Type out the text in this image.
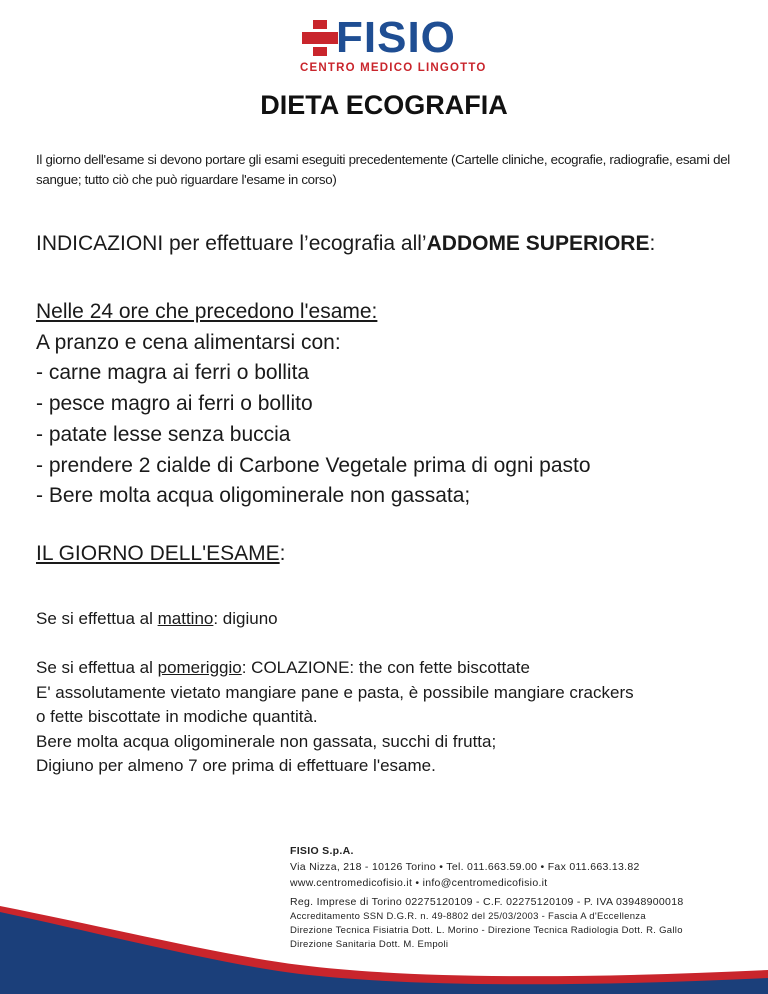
FISIO
CENTRO MEDICO LINGOTTO
DIETA ECOGRAFIA
Il giorno dell'esame si devono portare gli esami eseguiti precedentemente (Cartelle cliniche, ecografie, radiografie, esami del sangue; tutto ciò che può riguardare l'esame in corso)
INDICAZIONI per effettuare l’ecografia all’ADDOME SUPERIORE:
Nelle 24 ore che precedono l'esame:
A pranzo e cena alimentarsi con:
- carne magra ai ferri o bollita
- pesce magro ai ferri o bollito
- patate lesse senza buccia
- prendere 2 cialde di Carbone Vegetale prima di ogni pasto
- Bere molta acqua oligominerale non gassata;
IL GIORNO DELL'ESAME:
Se si effettua al mattino: digiuno
Se si effettua al pomeriggio: COLAZIONE: the con fette biscottate
E' assolutamente vietato mangiare pane e pasta, è possibile mangiare crackers
o fette biscottate in modiche quantità.
Bere molta acqua oligominerale non gassata, succhi di frutta;
Digiuno per almeno 7 ore prima di effettuare l'esame.
FISIO S.p.A.
Via Nizza, 218 - 10126 Torino • Tel. 011.663.59.00 • Fax 011.663.13.82
www.centromedicofisio.it • info@centromedicofisio.it
Reg. Imprese di Torino 02275120109 - C.F. 02275120109 - P. IVA 03948900018
Accreditamento SSN D.G.R. n. 49-8802 del 25/03/2003 - Fascia A d'Eccellenza
Direzione Tecnica Fisiatria Dott. L. Morino - Direzione Tecnica Radiologia Dott. R. Gallo
Direzione Sanitaria Dott. M. Empoli
